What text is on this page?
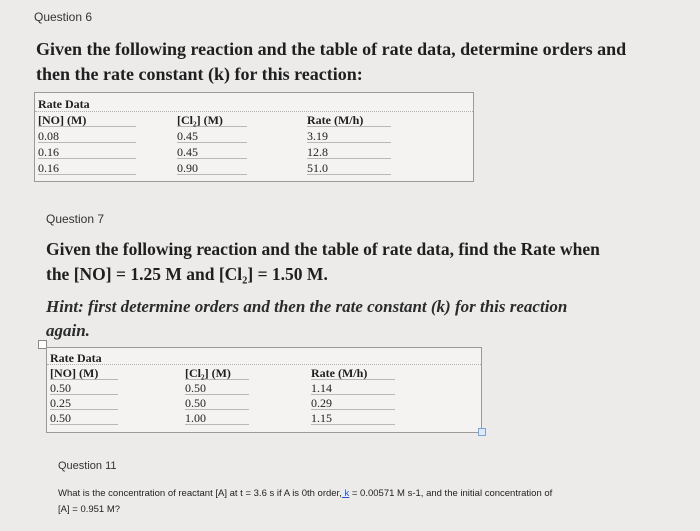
Question 6
Given the following reaction and the table of rate data, determine orders and
then the rate constant (k) for this reaction:
Rate Data
[NO] (M)	[Cl₂] (M)	Rate (M/h)
0.08	0.45	3.19
0.16	0.45	12.8
0.16	0.90	51.0
Question 7
Given the following reaction and the table of rate data, find the Rate when
the [NO] = 1.25 M and [Cl₂] = 1.50 M.
Hint: first determine orders and then the rate constant (k) for this reaction
again.
Rate Data
[NO] (M)	[Cl₂] (M)	Rate (M/h)
0.50	0.50	1.14
0.25	0.50	0.29
0.50	1.00	1.15
Question 11
What is the concentration of reactant [A] at t = 3.6 s if A is 0th order, k = 0.00571 M s-1, and the initial concentration of
[A] = 0.951 M?
